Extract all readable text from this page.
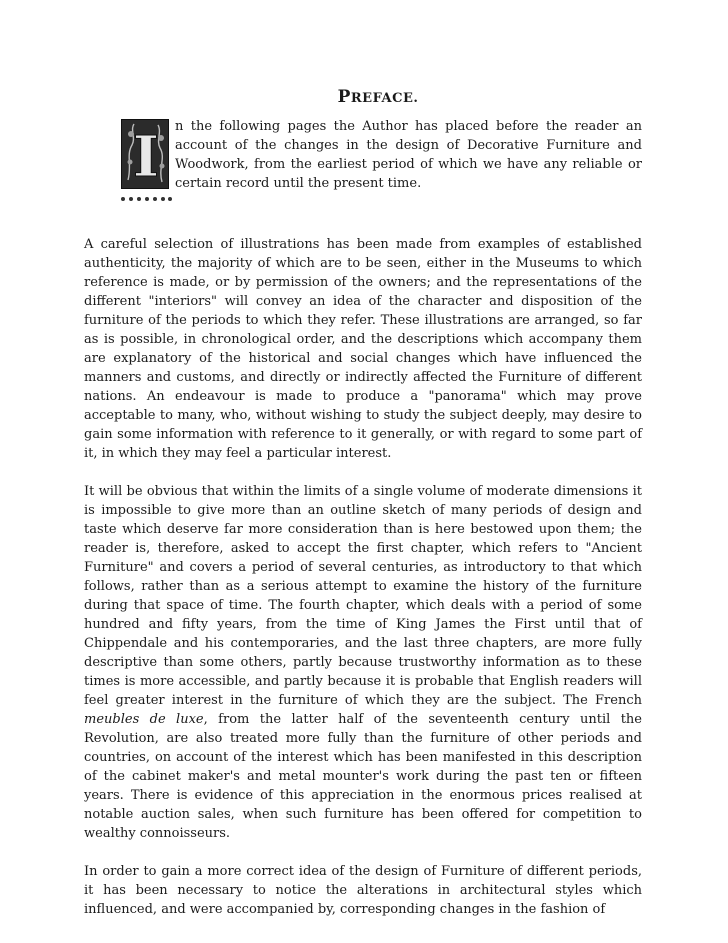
PREFACE.
I n the following pages the Author has placed before the reader an account of the changes in the design of Decorative Furniture and Woodwork, from the earliest period of which we have any reliable or certain record until the present time.

A careful selection of illustrations has been made from examples of established authenticity, the majority of which are to be seen, either in the Museums to which reference is made, or by permission of the owners; and the representations of the different "interiors" will convey an idea of the character and disposition of the furniture of the periods to which they refer. These illustrations are arranged, so far as is possible, in chronological order, and the descriptions which accompany them are explanatory of the historical and social changes which have influenced the manners and customs, and directly or indirectly affected the Furniture of different nations. An endeavour is made to produce a "panorama" which may prove acceptable to many, who, without wishing to study the subject deeply, may desire to gain some information with reference to it generally, or with regard to some part of it, in which they may feel a particular interest.

It will be obvious that within the limits of a single volume of moderate dimensions it is impossible to give more than an outline sketch of many periods of design and taste which deserve far more consideration than is here bestowed upon them; the reader is, therefore, asked to accept the first chapter, which refers to "Ancient Furniture" and covers a period of several centuries, as introductory to that which follows, rather than as a serious attempt to examine the history of the furniture during that space of time. The fourth chapter, which deals with a period of some hundred and fifty years, from the time of King James the First until that of Chippendale and his contemporaries, and the last three chapters, are more fully descriptive than some others, partly because trustworthy information as to these times is more accessible, and partly because it is probable that English readers will feel greater interest in the furniture of which they are the subject. The French meubles de luxe, from the latter half of the seventeenth century until the Revolution, are also treated more fully than the furniture of other periods and countries, on account of the interest which has been manifested in this description of the cabinet maker's and metal mounter's work during the past ten or fifteen years. There is evidence of this appreciation in the enormous prices realised at notable auction sales, when such furniture has been offered for competition to wealthy connoisseurs.

In order to gain a more correct idea of the design of Furniture of different periods, it has been necessary to notice the alterations in architectural styles which influenced, and were accompanied by, corresponding changes in the fashion of
